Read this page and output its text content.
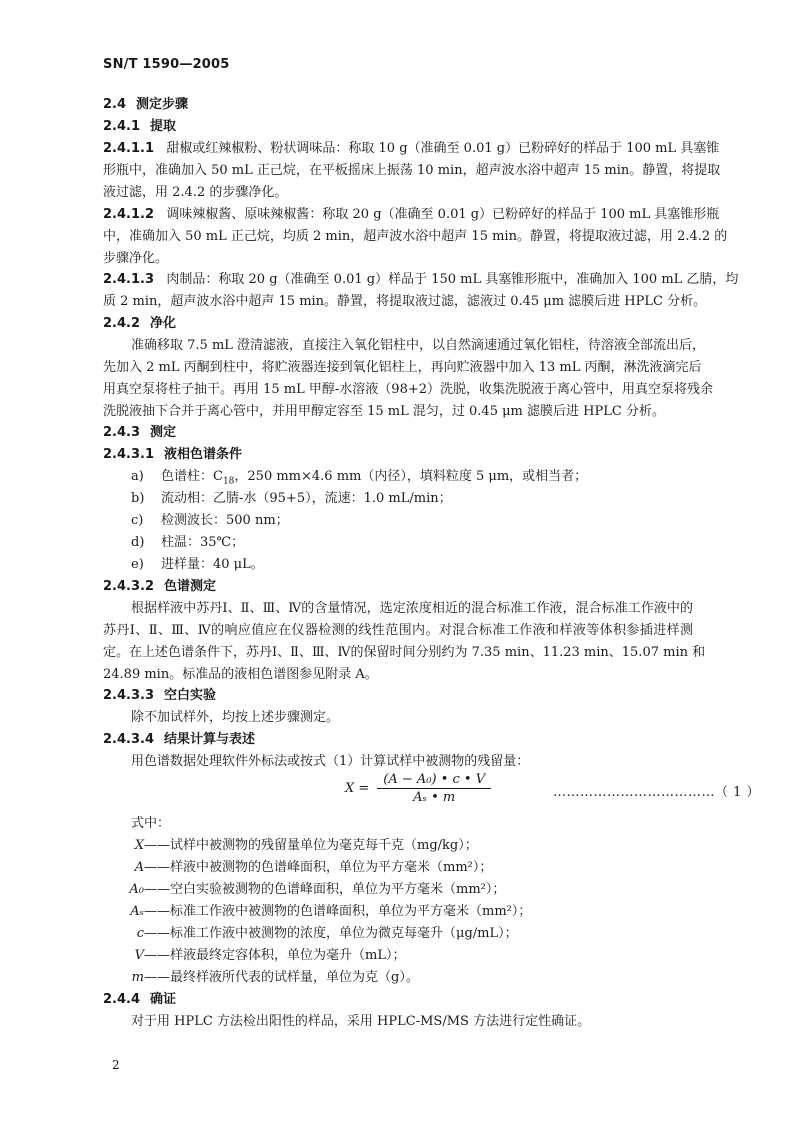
SN/T 1590—2005
2.4 测定步骤
2.4.1 提取
2.4.1.1 甜椒或红辣椒粉、粉状调味品：称取 10 g（准确至 0.01 g）已粉碎好的样品于 100 mL 具塞锥
形瓶中，准确加入 50 mL 正己烷，在平板摇床上振荡 10 min，超声波水浴中超声 15 min。静置，将提取
液过滤，用 2.4.2 的步骤净化。
2.4.1.2 调味辣椒酱、原味辣椒酱：称取 20 g（准确至 0.01 g）已粉碎好的样品于 100 mL 具塞锥形瓶
中，准确加入 50 mL 正己烷，均质 2 min，超声波水浴中超声 15 min。静置，将提取液过滤，用 2.4.2 的
步骤净化。
2.4.1.3 肉制品：称取 20 g（准确至 0.01 g）样品于 150 mL 具塞锥形瓶中，准确加入 100 mL 乙腈，均
质 2 min，超声波水浴中超声 15 min。静置，将提取液过滤，滤液过 0.45 μm 滤膜后进 HPLC 分析。
2.4.2 净化
准确移取 7.5 mL 澄清滤液，直接注入氧化铝柱中，以自然滴速通过氧化铝柱，待溶液全部流出后，
先加入 2 mL 丙酮到柱中，将贮液器连接到氧化铝柱上，再向贮液器中加入 13 mL 丙酮，淋洗液滴完后
用真空泵将柱子抽干。再用 15 mL 甲醇-水溶液（98+2）洗脱，收集洗脱液于离心管中，用真空泵将残余
洗脱液抽下合并于离心管中，并用甲醇定容至 15 mL 混匀，过 0.45 μm 滤膜后进 HPLC 分析。
2.4.3 测定
2.4.3.1 液相色谱条件
a) 色谱柱：$C_{18}$，250 mm×4.6 mm（内径），填料粒度 5 μm，或相当者；
b) 流动相：乙腈-水（95+5），流速：1.0 mL/min；
c) 检测波长：500 nm；
d) 柱温：35℃；
e) 进样量：40 μL。
2.4.3.2 色谱测定
根据样液中苏丹Ⅰ、Ⅱ、Ⅲ、Ⅳ的含量情况，选定浓度相近的混合标准工作液，混合标准工作液中的
苏丹Ⅰ、Ⅱ、Ⅲ、Ⅳ的响应值应在仪器检测的线性范围内。对混合标准工作液和样液等体积参插进样测
定。在上述色谱条件下，苏丹Ⅰ、Ⅱ、Ⅲ、Ⅳ的保留时间分别约为 7.35 min、11.23 min、15.07 min 和
24.89 min。标准品的液相色谱图参见附录 A。
2.4.3.3 空白实验
除不加试样外，均按上述步骤测定。
2.4.3.4 结果计算与表述
用色谱数据处理软件外标法或按式（1）计算试样中被测物的残留量：
$X = \frac{\text{(A − A₀) • c • V}}{\text{Aₛ • m}}$	………………………………（ 1 ）
式中：
X——试样中被测物的残留量单位为毫克每千克（mg/kg）；
A——样液中被测物的色谱峰面积，单位为平方毫米（mm²）；
A₀——空白实验被测物的色谱峰面积，单位为平方毫米（mm²）；
Aₛ——标准工作液中被测物的色谱峰面积，单位为平方毫米（mm²）；
c——标准工作液中被测物的浓度，单位为微克每毫升（μg/mL）；
V——样液最终定容体积，单位为毫升（mL）；
m——最终样液所代表的试样量，单位为克（g）。
2
2.4.4 确证
对于用 HPLC 方法检出阳性的样品，采用 HPLC-MS/MS 方法进行定性确证。
